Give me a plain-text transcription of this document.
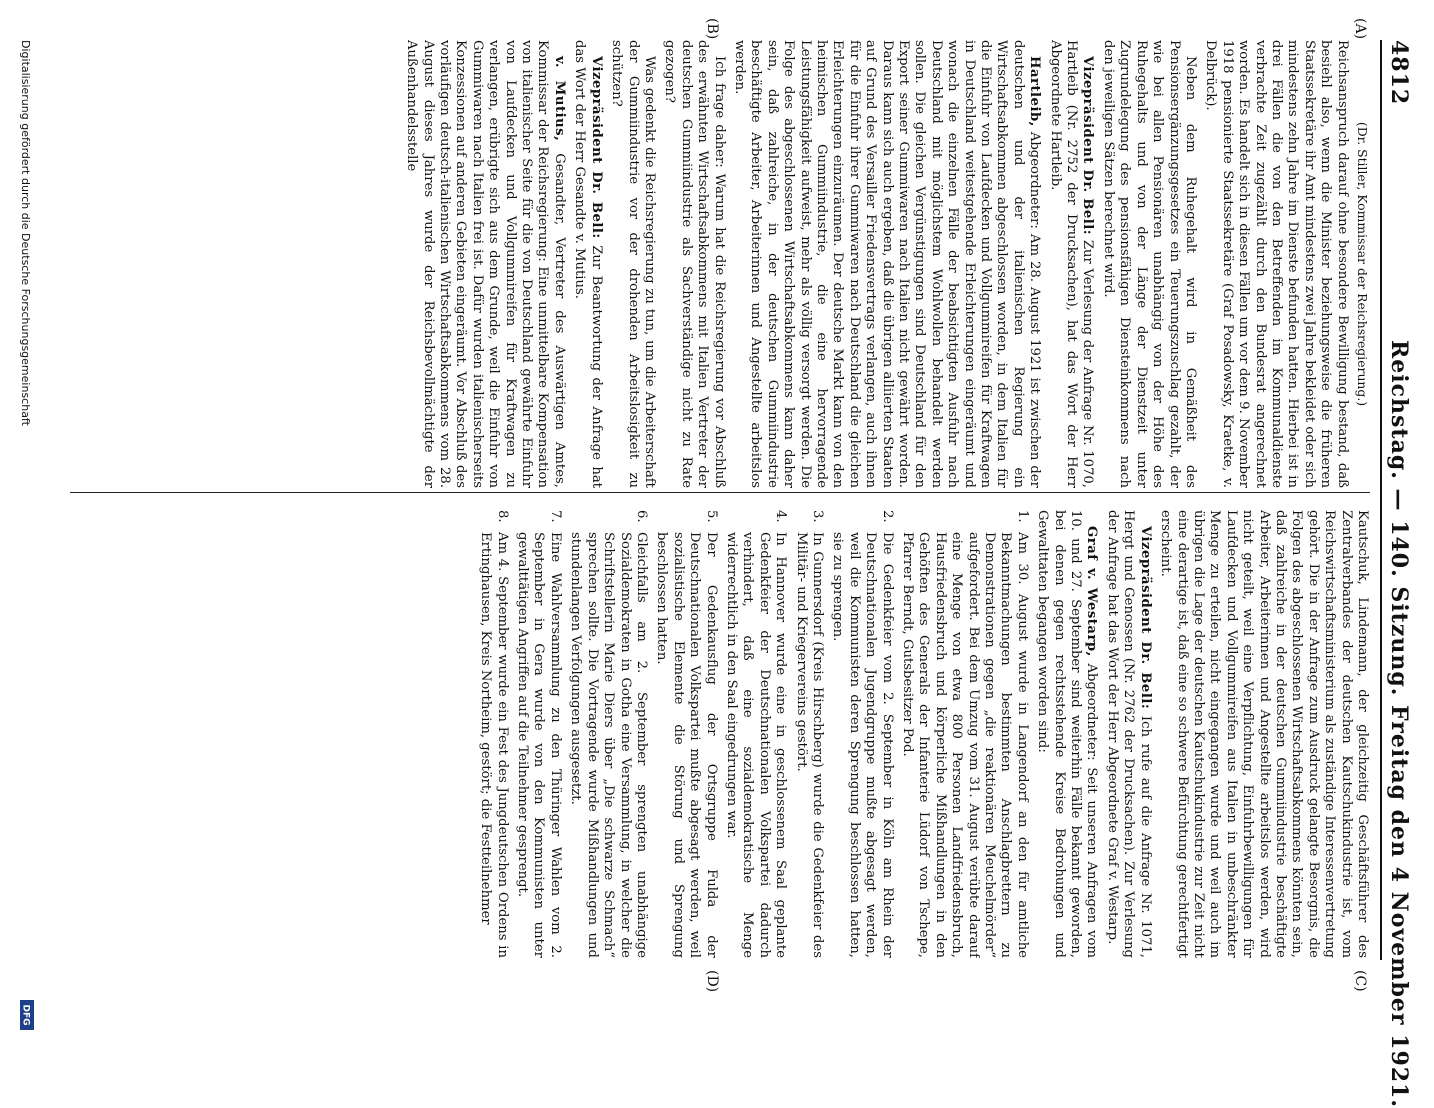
4812
Reichstag. — 140. Sitzung. Freitag den 4 November 1921.
(A)
(B)
(C)
(D)

(Dr. Stiller, Kommissar der Reichsregierung.)

Reichsanspruch darauf ohne besondere Bewilligung bestand, daß besiehl also, wenn die Minister beziehungsweise die früheren Staatssekretäre ihr Amt mindestens zwei Jahre bekleidet oder sich mindestens zehn Jahre im Dienste befunden hatten. Hierbei ist in drei Fällen die von den Betreffenden im Kommunaldienste verbrachte Zeit zugezählt durch den Bundesrat angerechnet worden. Es handelt sich in diesen Fällen um vor dem 9. November 1918 pensionierte Staatssekretäre (Graf Posadowsky, Kraetke, v. Delbrück).

Neben dem Ruhegehalt wird in Gemäßheit des Pensionsergänzungsgesetzes ein Teuerungszuschlag gezahlt, der wie bei allen Pensionären unabhängig von der Höhe des Ruhegehalts und von der Länge der Dienstzeit unter Zugrundelegung des pensionsfähigen Diensteinkommens nach den jeweiligen Sätzen berechnet wird.

Vizepräsident Dr. Bell: Zur Verlesung der Anfrage Nr. 1070, Hartleib (Nr. 2752 der Drucksachen), hat das Wort der Herr Abgeordnete Hartleib.

Hartleib, Abgeordneter: Am 28. August 1921 ist zwischen der deutschen und der italienischen Regierung ein Wirtschaftsabkommen abgeschlossen worden, in dem Italien für die Einfuhr von Laufdecken und Vollgummireifen für Kraftwagen in Deutschland weitestgehende Erleichterungen eingeräumt und wonach die einzelnen Fälle der beabsichtigten Ausfuhr nach Deutschland mit möglichstem Wohlwollen behandelt werden sollen. Die gleichen Vergünstigungen sind Deutschland für den Export seiner Gummiwaren nach Italien nicht gewährt worden. Daraus kann sich auch ergeben, daß die übrigen alliierten Staaten auf Grund des Versailler Friedensvertrags verlangen, auch ihnen für die Einfuhr ihrer Gummiwaren nach Deutschland die gleichen Erleichterungen einzuräumen. Der deutsche Markt kann von den heimischen Gummiindustrie, die eine hervorragende Leistungsfähigkeit aufweist, mehr als völlig versorgt werden. Die Folge des abgeschlossenen Wirtschaftsabkommens kann daher sein, daß zahlreiche, in der deutschen Gummiindustrie beschäftigte Arbeiter, Arbeiterinnen und Angestellte arbeitslos werden.

Ich frage daher: Warum hat die Reichsregierung vor Abschluß des erwähnten Wirtschaftsabkommens mit Italien Vertreter der deutschen Gummiindustrie als Sachverständige nicht zu Rate gezogen?

Was gedenkt die Reichsregierung zu tun, um die Arbeiterschaft der Gummiindustrie vor der drohenden Arbeitslosigkeit zu schützen?

Vizepräsident Dr. Bell: Zur Beantwortung der Anfrage hat das Wort der Herr Gesandte v. Mutius.

v. Mutius, Gesandter, Vertreter des Auswärtigen Amtes, Kommissar der Reichsregierung: Eine unmittelbare Kompensation von italienischer Seite für die von Deutschland gewährte Einfuhr von Laufdecken und Vollgummireifen für Kraftwagen zu verlangen, erübrigte sich aus dem Grunde, weil die Einfuhr von Gummiwaren nach Italien frei ist. Dafür wurden italienischerseits Konzessionen auf anderen Gebieten eingeräumt. Vor Abschluß des vorläufigen deutsch-italienischen Wirtschaftsabkommens vom 28. August dieses Jahres wurde der Reichsbevollmächtigte der Außenhandelsstelle

Kautschuk, Lindemann, der gleichzeitig Geschäftsführer des Zentralverbandes der deutschen Kautschukindustrie ist, vom Reichswirtschaftsministerium als zuständige Interessenvertretung gehört. Die in der Anfrage zum Ausdruck gelangte Besorgnis, die Folgen des abgeschlossenen Wirtschaftsabkommens könnten sein, daß zahlreiche in der deutschen Gummiindustrie beschäftigte Arbeiter, Arbeiterinnen und Angestellte arbeitslos werden, wird nicht geteilt, weil eine Verpflichtung, Einfuhrbewilligungen für Laufdecken und Vollgummireifen aus Italien in unbeschränkter Menge zu erteilen, nicht eingegangen wurde und weil auch im übrigen die Lage der deutschen Kautschukindustrie zur Zeit nicht eine derartige ist, daß eine so schwere Befürchtung gerechtfertigt erscheint.

Vizepräsident Dr. Bell: Ich rufe auf die Anfrage Nr. 1071, Hergt und Genossen (Nr. 2762 der Drucksachen). Zur Verlesung der Anfrage hat das Wort der Herr Abgeordnete Graf v. Westarp.

Graf v. Westarp, Abgeordneter: Seit unseren Anfragen vom 10. und 27. September sind weiterhin Fälle bekannt geworden, bei denen gegen rechtsstehende Kreise Bedrohungen und Gewalttaten begangen worden sind:

1.
Am 30. August wurde in Langendorf an den für amtliche Bekanntmachungen bestimmten Anschlagbrettern zu Demonstrationen gegen „die reaktionären Meuchelmörder“ aufgefordert. Bei dem Umzug vom 31. August verübte darauf eine Menge von etwa 800 Personen Landfriedensbruch, Hausfriedensbruch und körperliche Mißhandlungen in den Gehöften des Generals der Infanterie Lüdorf von Tschepe, Pfarrer Berndt, Gutsbesitzer Pod.

2.
Die Gedenkfeier vom 2. September in Köln am Rhein der Deutschnationalen Jugendgruppe mußte abgesagt werden, weil die Kommunisten deren Sprengung beschlossen hatten, sie zu sprengen.

3.
In Gunnersdorf (Kreis Hirschberg) wurde die Gedenkfeier des Militär- und Kriegervereins gestört.

4.
In Hannover wurde eine in geschlossenem Saal geplante Gedenkfeier der Deutschnationalen Volkspartei dadurch verhindert, daß eine sozialdemokratische Menge widerrechtlich in den Saal eingedrungen war.

5.
Der Gedenkausflug der Ortsgruppe Fulda der Deutschnationalen Volkspartei mußte abgesagt werden, weil sozialistische Elemente die Störung und Sprengung beschlossen hatten.

6.
Gleichfalls am 2. September sprengten unabhängige Sozialdemokraten in Gotha eine Versammlung, in welcher die Schriftstellerin Marie Diers über „Die schwarze Schmach“ sprechen sollte. Die Vortragende wurde Mißhandlungen und stundenlangen Verfolgungen ausgesetzt.

7.
Eine Wahlversammlung zu den Thüringer Wahlen vom 2. September in Gera wurde von den Kommunisten unter gewalttätigen Angriffen auf die Teilnehmer gesprengt.

8.
Am 4. September wurde ein Fest des Jungdeutschen Ordens in Ertinghausen, Kreis Northeim, gestört; die Festteilnehmer

Digitalisierung gefördert durch die Deutsche Forschungsgemeinschaft
DFG
